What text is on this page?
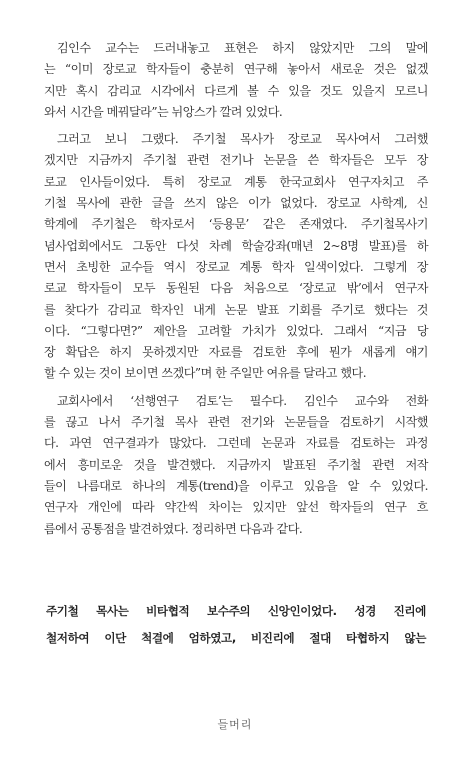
김인수 교수는 드러내놓고 표현은 하지 않았지만 그의 말에
는 “이미 장로교 학자들이 충분히 연구해 놓아서 새로운 것은 없겠
지만 혹시 감리교 시각에서 다르게 볼 수 있을 것도 있을지 모르니
와서 시간을 메꿔달라”는 뉘앙스가 깔려 있었다.

그러고 보니 그랬다. 주기철 목사가 장로교 목사여서 그러했
겠지만 지금까지 주기철 관련 전기나 논문을 쓴 학자들은 모두 장
로교 인사들이었다. 특히 장로교 계통 한국교회사 연구자치고 주
기철 목사에 관한 글을 쓰지 않은 이가 없었다. 장로교 사학계, 신
학계에 주기철은 학자로서 ‘등용문’ 같은 존재였다. 주기철목사기
념사업회에서도 그동안 다섯 차례 학술강좌(매년 2~8명 발표)를 하
면서 초빙한 교수들 역시 장로교 계통 학자 일색이었다. 그렇게 장
로교 학자들이 모두 동원된 다음 처음으로 ‘장로교 밖’에서 연구자
를 찾다가 감리교 학자인 내게 논문 발표 기회를 주기로 했다는 것
이다. “그렇다면?” 제안을 고려할 가치가 있었다. 그래서 “지금 당
장 확답은 하지 못하겠지만 자료를 검토한 후에 뭔가 새롭게 얘기
할 수 있는 것이 보이면 쓰겠다”며 한 주일만 여유를 달라고 했다.

교회사에서 ‘선행연구 검토’는 필수다. 김인수 교수와 전화
를 끊고 나서 주기철 목사 관련 전기와 논문들을 검토하기 시작했
다. 과연 연구결과가 많았다. 그런데 논문과 자료를 검토하는 과정
에서 흥미로운 것을 발견했다. 지금까지 발표된 주기철 관련 저작
들이 나름대로 하나의 계통(trend)을 이루고 있음을 알 수 있었다.
연구자 개인에 따라 약간씩 차이는 있지만 앞선 학자들의 연구 흐
름에서 공통점을 발견하였다. 정리하면 다음과 같다.

주기철 목사는 비타협적 보수주의 신앙인이었다. 성경 진리에
철저하여 이단 척결에 엄하였고, 비진리에 절대 타협하지 않는
들머리
